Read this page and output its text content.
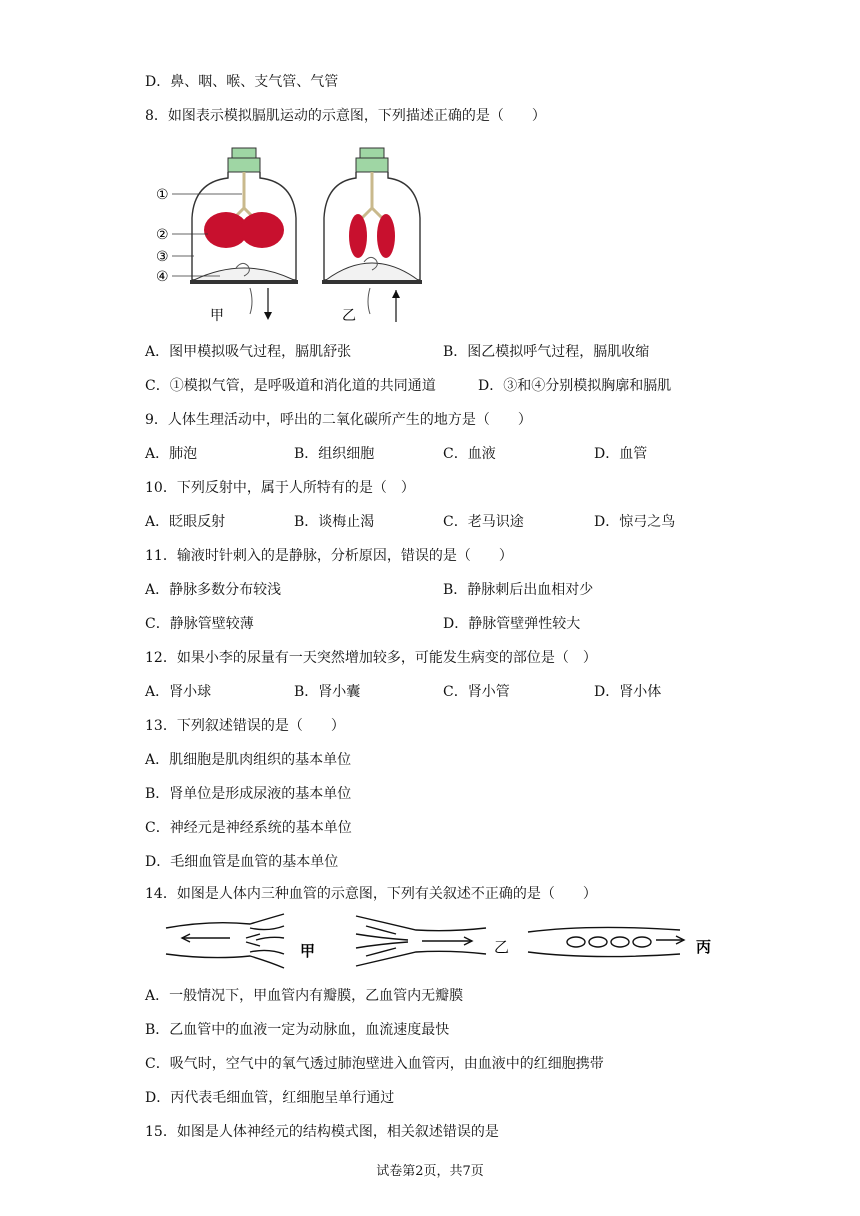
D．鼻、咽、喉、支气管、气管
8．如图表示模拟膈肌运动的示意图，下列描述正确的是（　　）
①
②
③
④
甲	乙
A．图甲模拟吸气过程，膈肌舒张	B．图乙模拟呼气过程，膈肌收缩
C．①模拟气管，是呼吸道和消化道的共同通道	D．③和④分别模拟胸廓和膈肌
9．人体生理活动中，呼出的二氧化碳所产生的地方是（　　）
A．肺泡	B．组织细胞	C．血液	D．血管
10．下列反射中，属于人所特有的是（　）
A．眨眼反射	B．谈梅止渴	C．老马识途	D．惊弓之鸟
11．输液时针刺入的是静脉，分析原因，错误的是（　　）
A．静脉多数分布较浅	B．静脉刺后出血相对少
C．静脉管壁较薄	D．静脉管壁弹性较大
12．如果小李的尿量有一天突然增加较多，可能发生病变的部位是（　）
A．肾小球	B．肾小囊	C．肾小管	D．肾小体
13．下列叙述错误的是（　　）
A．肌细胞是肌肉组织的基本单位
B．肾单位是形成尿液的基本单位
C．神经元是神经系统的基本单位
D．毛细血管是血管的基本单位
14．如图是人体内三种血管的示意图，下列有关叙述不正确的是（　　）
甲	乙	丙
A．一般情况下，甲血管内有瓣膜，乙血管内无瓣膜
B．乙血管中的血液一定为动脉血，血流速度最快
C．吸气时，空气中的氧气透过肺泡壁进入血管丙，由血液中的红细胞携带
D．丙代表毛细血管，红细胞呈单行通过
15．如图是人体神经元的结构模式图，相关叙述错误的是
试卷第2页，共7页
